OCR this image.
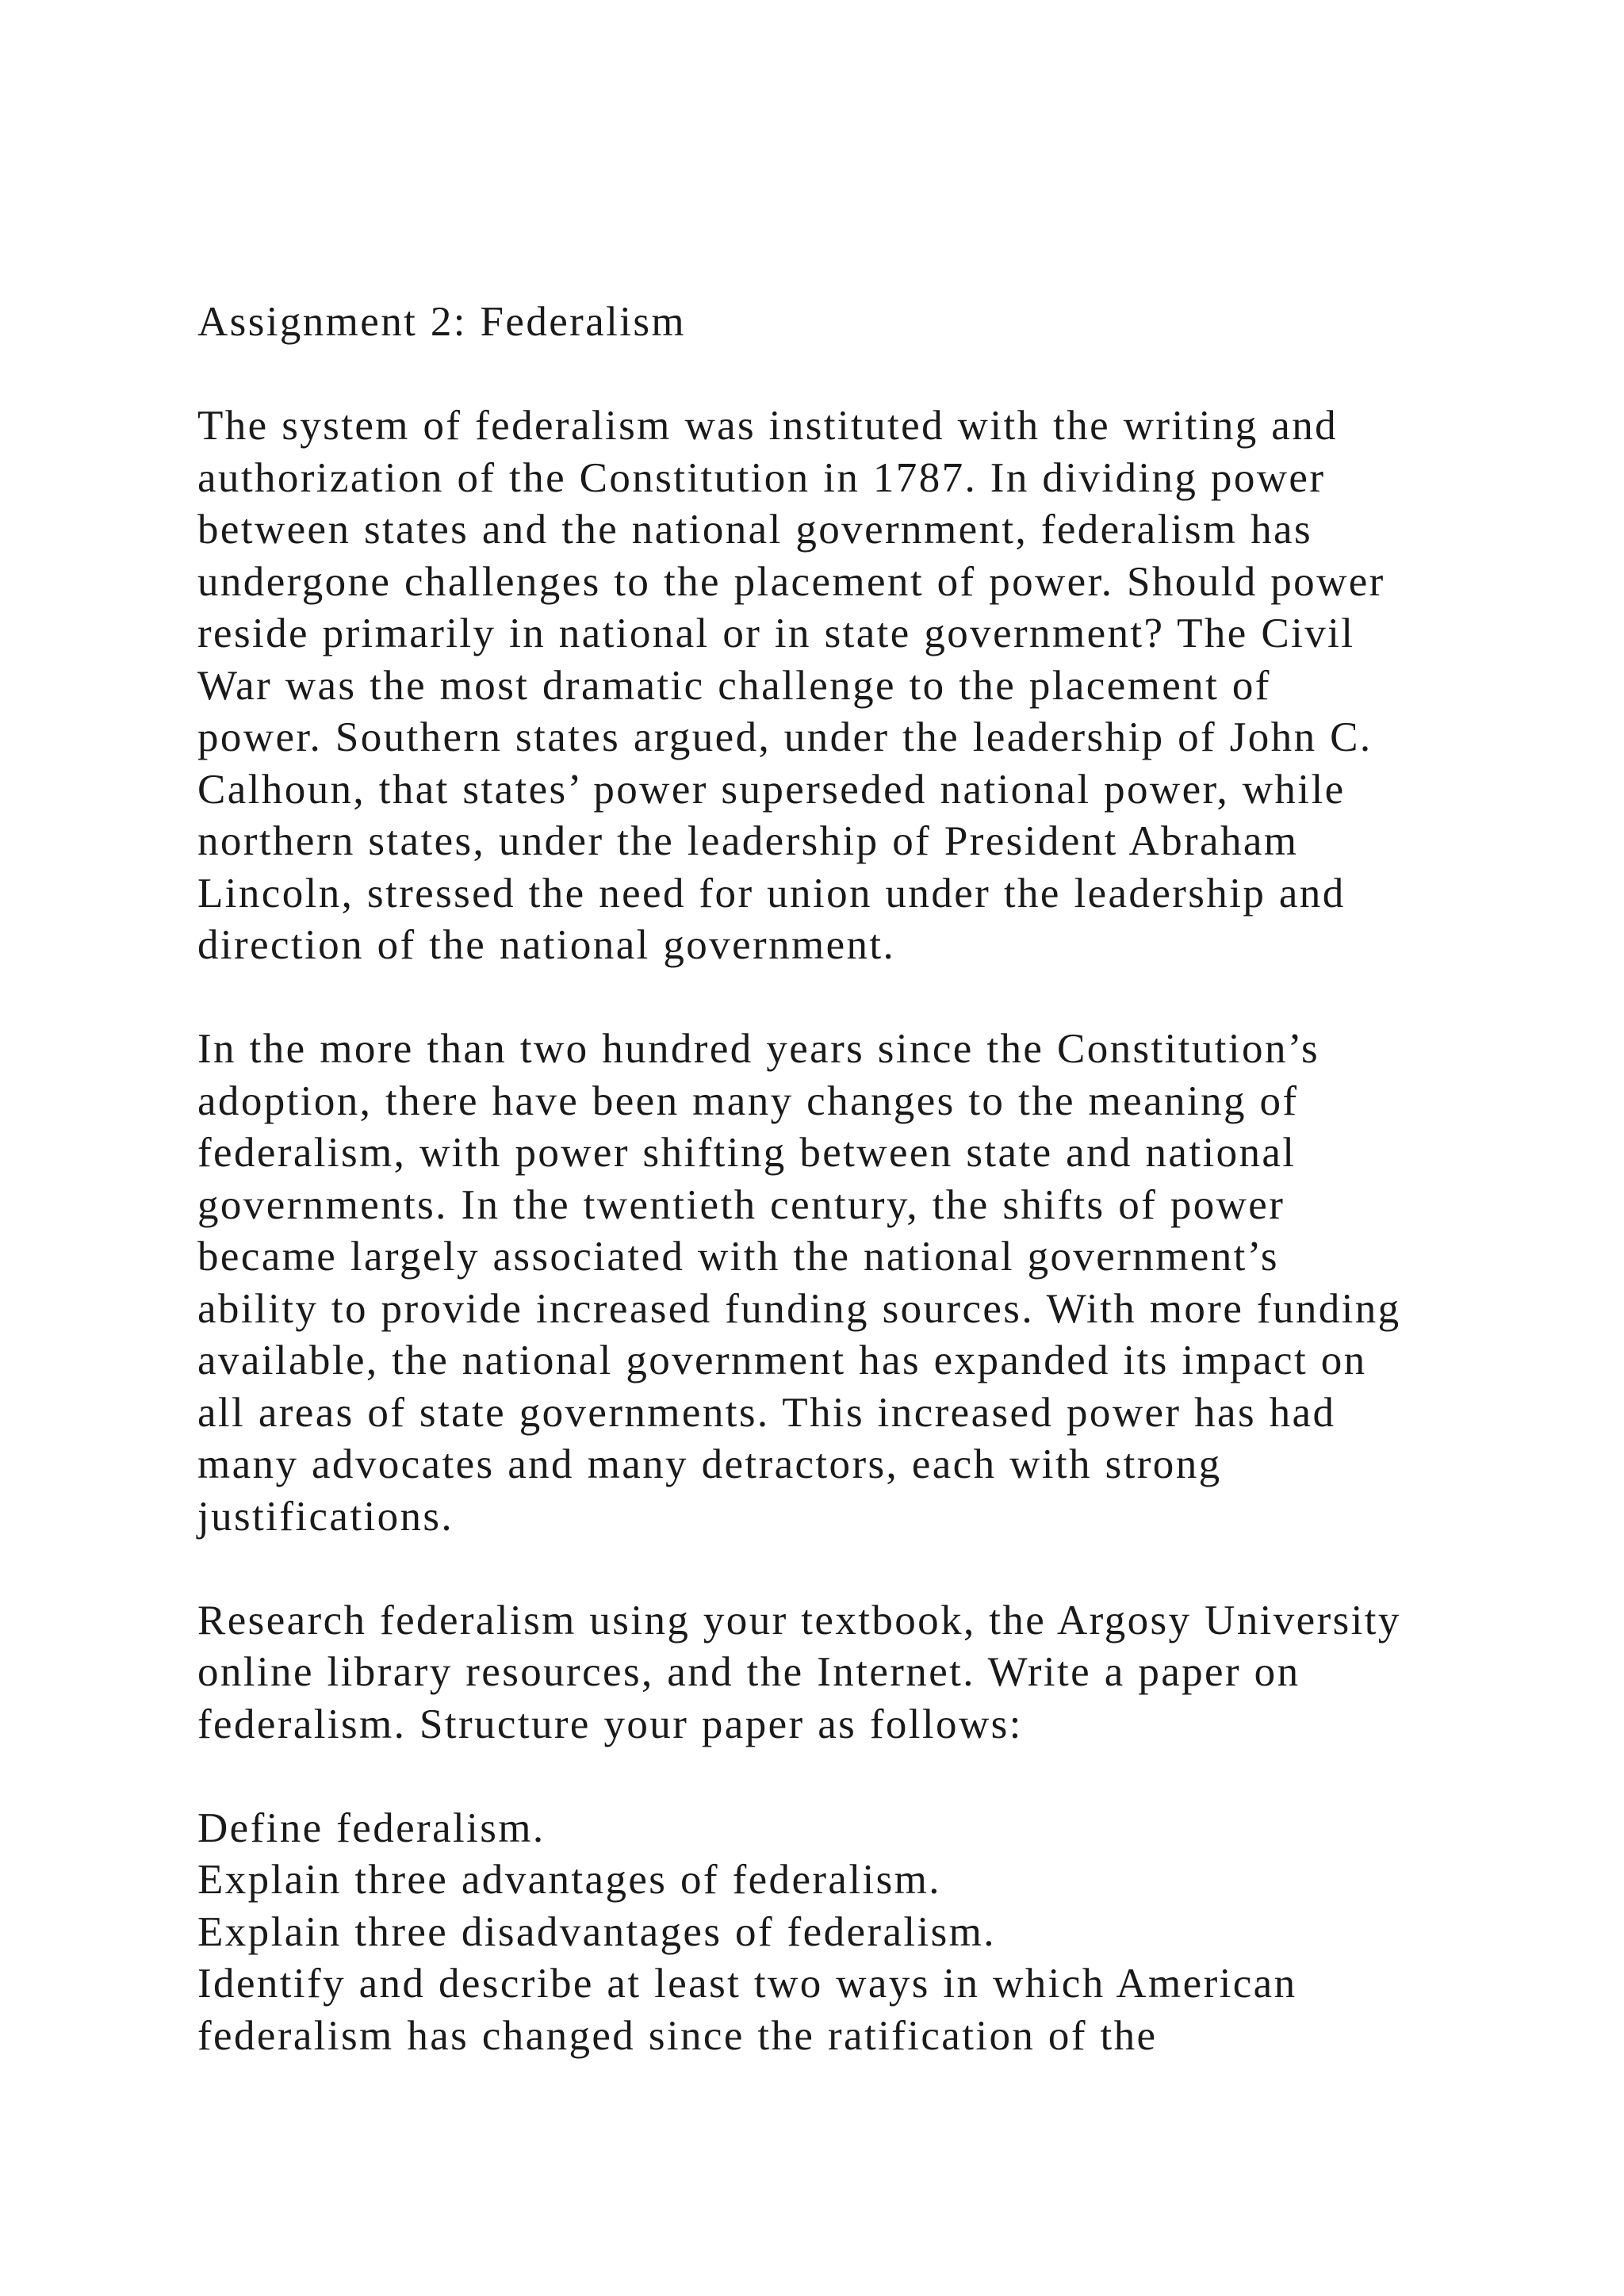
Assignment 2: Federalism
The system of federalism was instituted with the writing and
authorization of the Constitution in 1787. In dividing power
between states and the national government, federalism has
undergone challenges to the placement of power. Should power
reside primarily in national or in state government? The Civil
War was the most dramatic challenge to the placement of
power. Southern states argued, under the leadership of John C.
Calhoun, that states’ power superseded national power, while
northern states, under the leadership of President Abraham
Lincoln, stressed the need for union under the leadership and
direction of the national government.
In the more than two hundred years since the Constitution’s
adoption, there have been many changes to the meaning of
federalism, with power shifting between state and national
governments. In the twentieth century, the shifts of power
became largely associated with the national government’s
ability to provide increased funding sources. With more funding
available, the national government has expanded its impact on
all areas of state governments. This increased power has had
many advocates and many detractors, each with strong
justifications.
Research federalism using your textbook, the Argosy University
online library resources, and the Internet. Write a paper on
federalism. Structure your paper as follows:
Define federalism.
Explain three advantages of federalism.
Explain three disadvantages of federalism.
Identify and describe at least two ways in which American
federalism has changed since the ratification of the
